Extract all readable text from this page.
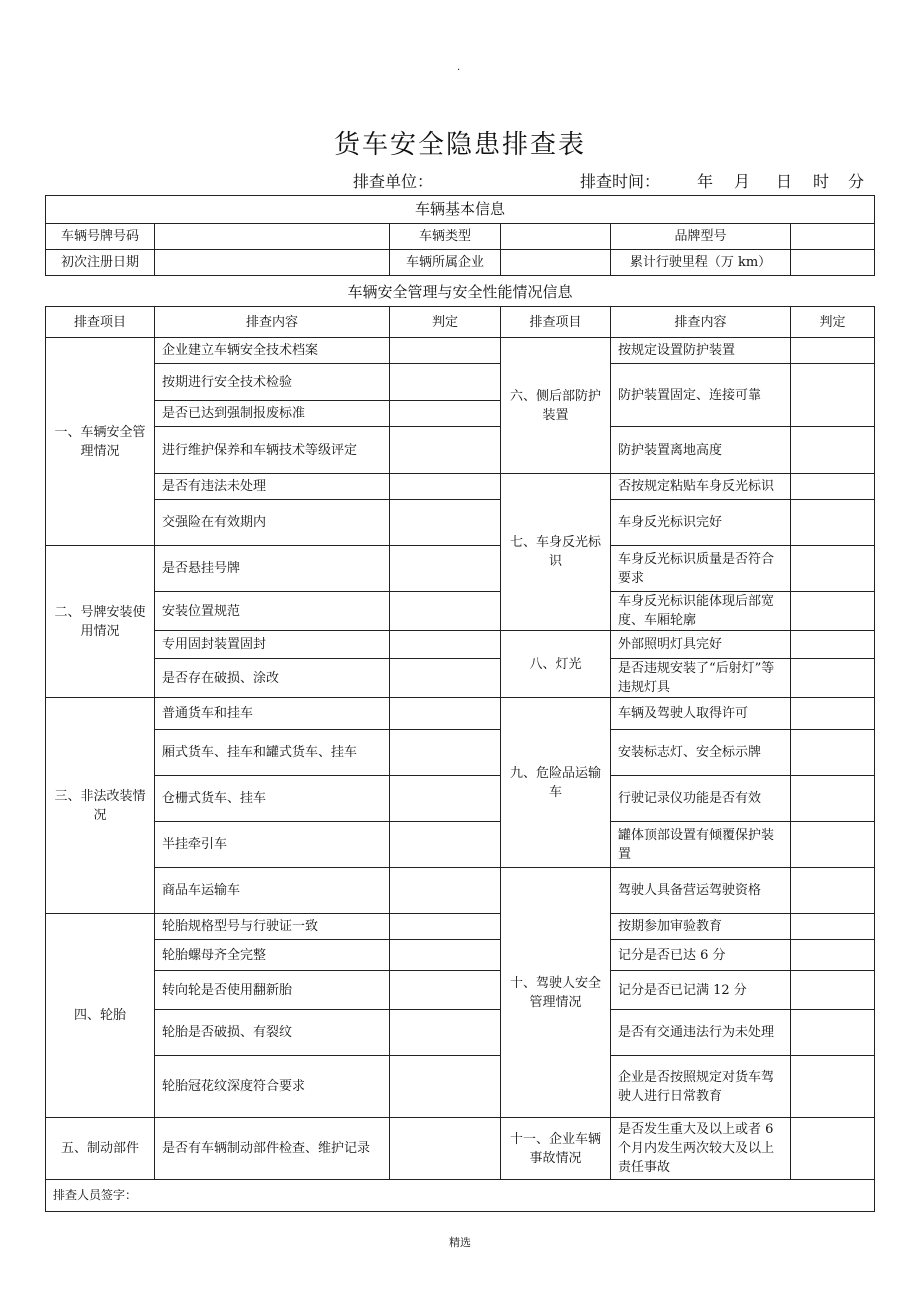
.
货车安全隐患排查表
排查单位：	排查时间： 年 月 日 时 分
车辆基本信息					
车辆号牌号码		车辆类型		品牌型号	
初次注册日期		车辆所属企业		累计行驶里程（万 km）	
车辆安全管理与安全性能情况信息
排查项目	排查内容	判定	排查项目	排查内容	判定
一、车辆安全管理情况	企业建立车辆安全技术档案		六、侧后部防护装置	按规定设置防护装置	
	按期进行安全技术检验			防护装置固定、连接可靠	
	是否已达到强制报废标准				
	进行维护保养和车辆技术等级评定			防护装置离地高度	
	是否有违法未处理		七、车身反光标识	否按规定粘贴车身反光标识	
	交强险在有效期内			车身反光标识完好	
二、号牌安装使用情况	是否悬挂号牌			车身反光标识质量是否符合要求	
	安装位置规范			车身反光标识能体现后部宽度、车厢轮廓	
	专用固封装置固封		八、灯光	外部照明灯具完好	
	是否存在破损、涂改			是否违规安装了“后射灯”等违规灯具	
三、非法改装情况	普通货车和挂车		九、危险品运输车	车辆及驾驶人取得许可	
	厢式货车、挂车和罐式货车、挂车			安装标志灯、安全标示牌	
	仓栅式货车、挂车			行驶记录仪功能是否有效	
	半挂牵引车			罐体顶部设置有倾覆保护装置	
	商品车运输车		十、驾驶人安全管理情况	驾驶人具备营运驾驶资格	
四、轮胎	轮胎规格型号与行驶证一致			按期参加审验教育	
	轮胎螺母齐全完整			记分是否已达 6 分	
	转向轮是否使用翻新胎			记分是否已记满 12 分	
	轮胎是否破损、有裂纹			是否有交通违法行为未处理	
	轮胎冠花纹深度符合要求			企业是否按照规定对货车驾驶人进行日常教育	
五、制动部件	是否有车辆制动部件检查、维护记录		十一、企业车辆事故情况	是否发生重大及以上或者 6 个月内发生两次较大及以上责任事故	
排查人员签字：					
精选
